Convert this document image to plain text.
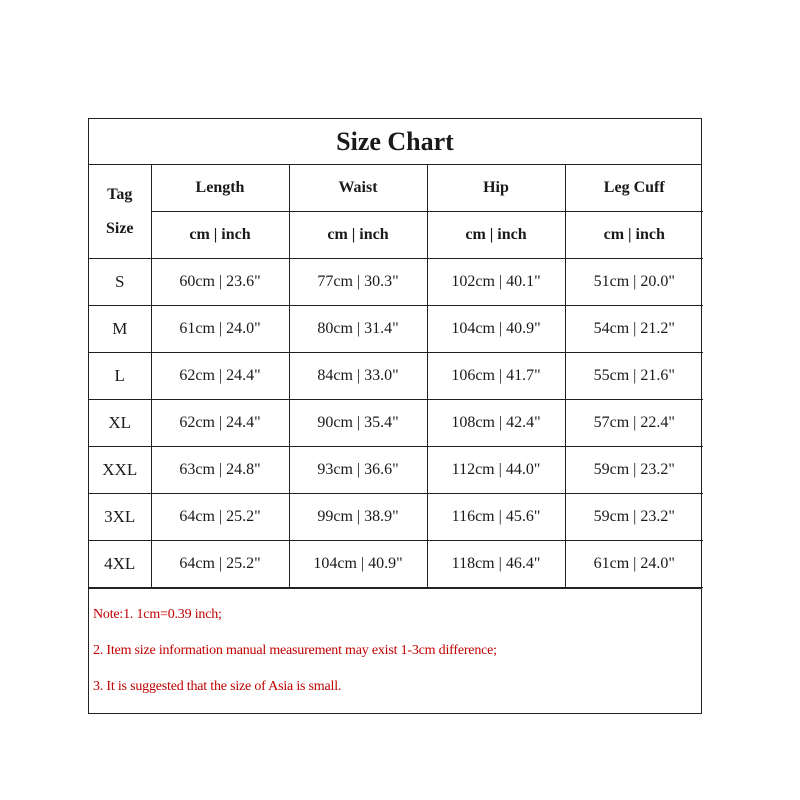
Size Chart
Tag
Size	Length	Waist	Hip	Leg Cuff
	cm | inch	cm | inch	cm | inch	cm | inch
S	60cm | 23.6"	77cm | 30.3"	102cm | 40.1"	51cm | 20.0"
M	61cm | 24.0"	80cm | 31.4"	104cm | 40.9"	54cm | 21.2"
L	62cm | 24.4"	84cm | 33.0"	106cm | 41.7"	55cm | 21.6"
XL	62cm | 24.4"	90cm | 35.4"	108cm | 42.4"	57cm | 22.4"
XXL	63cm | 24.8"	93cm | 36.6"	112cm | 44.0"	59cm | 23.2"
3XL	64cm | 25.2"	99cm | 38.9"	116cm | 45.6"	59cm | 23.2"
4XL	64cm | 25.2"	104cm | 40.9"	118cm | 46.4"	61cm | 24.0"
Note:1. 1cm=0.39 inch;
2. Item size information manual measurement may exist 1-3cm difference;
3. It is suggested that the size of Asia is small.
